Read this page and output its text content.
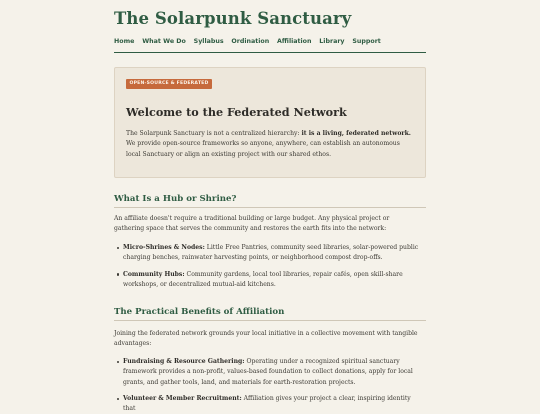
The Solarpunk Sanctuary
Home What We Do Syllabus Ordination Affiliation Library Support
OPEN-SOURCE & FEDERATED
Welcome to the Federated Network

The Solarpunk Sanctuary is not a centralized hierarchy: it is a living, federated network. We provide open-source frameworks so anyone, anywhere, can establish an autonomous local Sanctuary or align an existing project with our shared ethos.

What Is a Hub or Shrine?

An affiliate doesn't require a traditional building or large budget. Any physical project or gathering space that serves the community and restores the earth fits into the network:

Micro-Shrines & Nodes: Little Free Pantries, community seed libraries, solar-powered public charging benches, rainwater harvesting points, or neighborhood compost drop-offs.
Community Hubs: Community gardens, local tool libraries, repair cafés, open skill-share workshops, or decentralized mutual-aid kitchens.
The Practical Benefits of Affiliation

Joining the federated network grounds your local initiative in a collective movement with tangible advantages:

Fundraising & Resource Gathering: Operating under a recognized spiritual sanctuary framework provides a non-profit, values-based foundation to collect donations, apply for local grants, and gather tools, land, and materials for earth-restoration projects.
Volunteer & Member Recruitment: Affiliation gives your project a clear, inspiring identity that
